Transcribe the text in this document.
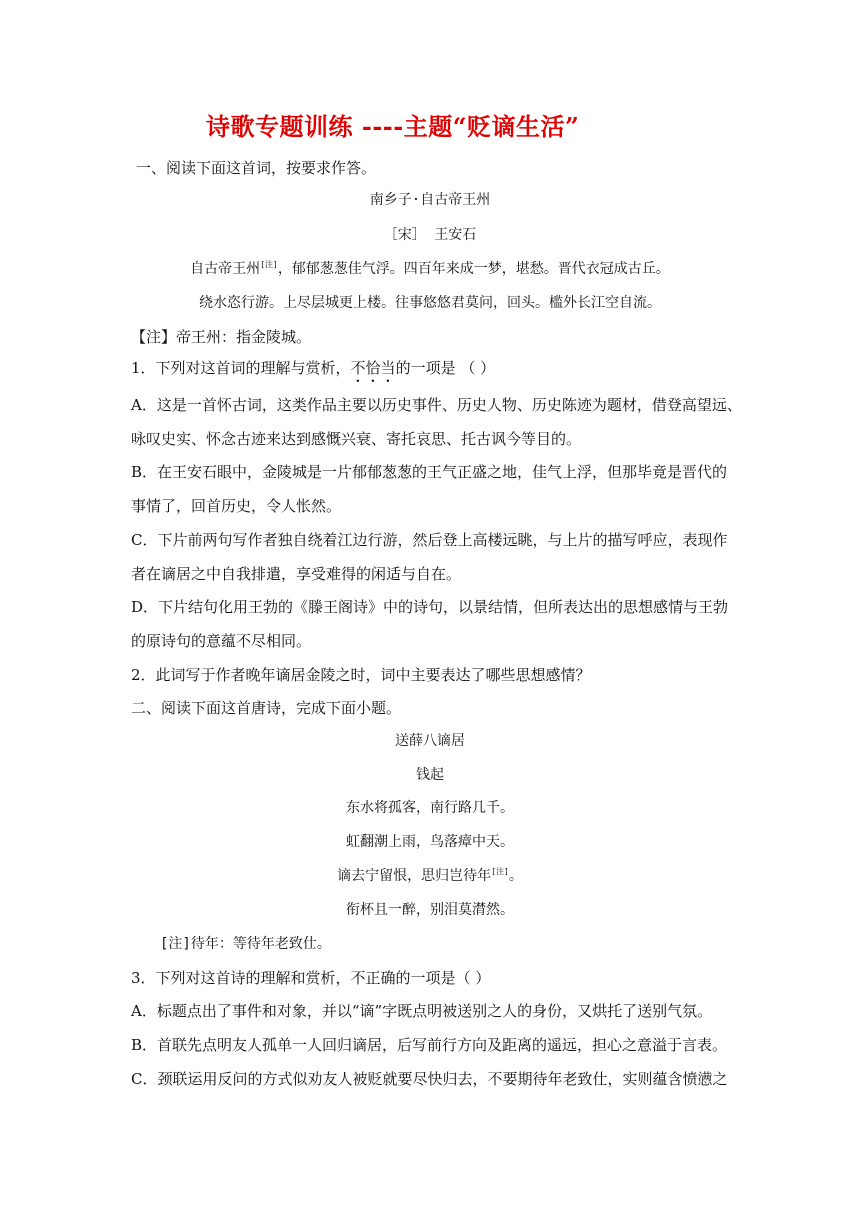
诗歌专题训练 ----主题“贬谪生活”
一、阅读下面这首词，按要求作答。
南乡子·自古帝王州
［宋］ 王安石
自古帝王州[注]，郁郁葱葱佳气浮。四百年来成一梦，堪愁。晋代衣冠成古丘。
绕水恣行游。上尽层城更上楼。往事悠悠君莫问，回头。槛外长江空自流。
【注】帝王州：指金陵城。
1．下列对这首词的理解与赏析，不恰当的一项是 （ ）
A．这是一首怀古词，这类作品主要以历史事件、历史人物、历史陈迹为题材，借登高望远、
咏叹史实、怀念古迹来达到感慨兴衰、寄托哀思、托古讽今等目的。
B．在王安石眼中，金陵城是一片郁郁葱葱的王气正盛之地，佳气上浮，但那毕竟是晋代的
事情了，回首历史，令人怅然。
C．下片前两句写作者独自绕着江边行游，然后登上高楼远眺，与上片的描写呼应，表现作
者在谪居之中自我排遣，享受难得的闲适与自在。
D．下片结句化用王勃的《滕王阁诗》中的诗句，以景结情，但所表达出的思想感情与王勃
的原诗句的意蕴不尽相同。
2．此词写于作者晚年谪居金陵之时，词中主要表达了哪些思想感情？
二、阅读下面这首唐诗，完成下面小题。
送薛八谪居
钱起
东水将孤客，南行路几千。
虹翻潮上雨，鸟落瘴中天。
谪去宁留恨，思归岂待年[注]。
衔杯且一醉，别泪莫潸然。
[注]待年：等待年老致仕。
3．下列对这首诗的理解和赏析，不正确的一项是（ ）
A．标题点出了事件和对象，并以“谪”字既点明被送别之人的身份，又烘托了送别气氛。
B．首联先点明友人孤单一人回归谪居，后写前行方向及距离的遥远，担心之意溢于言表。
C．颈联运用反问的方式似劝友人被贬就要尽快归去，不要期待年老致仕，实则蕴含愤懑之
